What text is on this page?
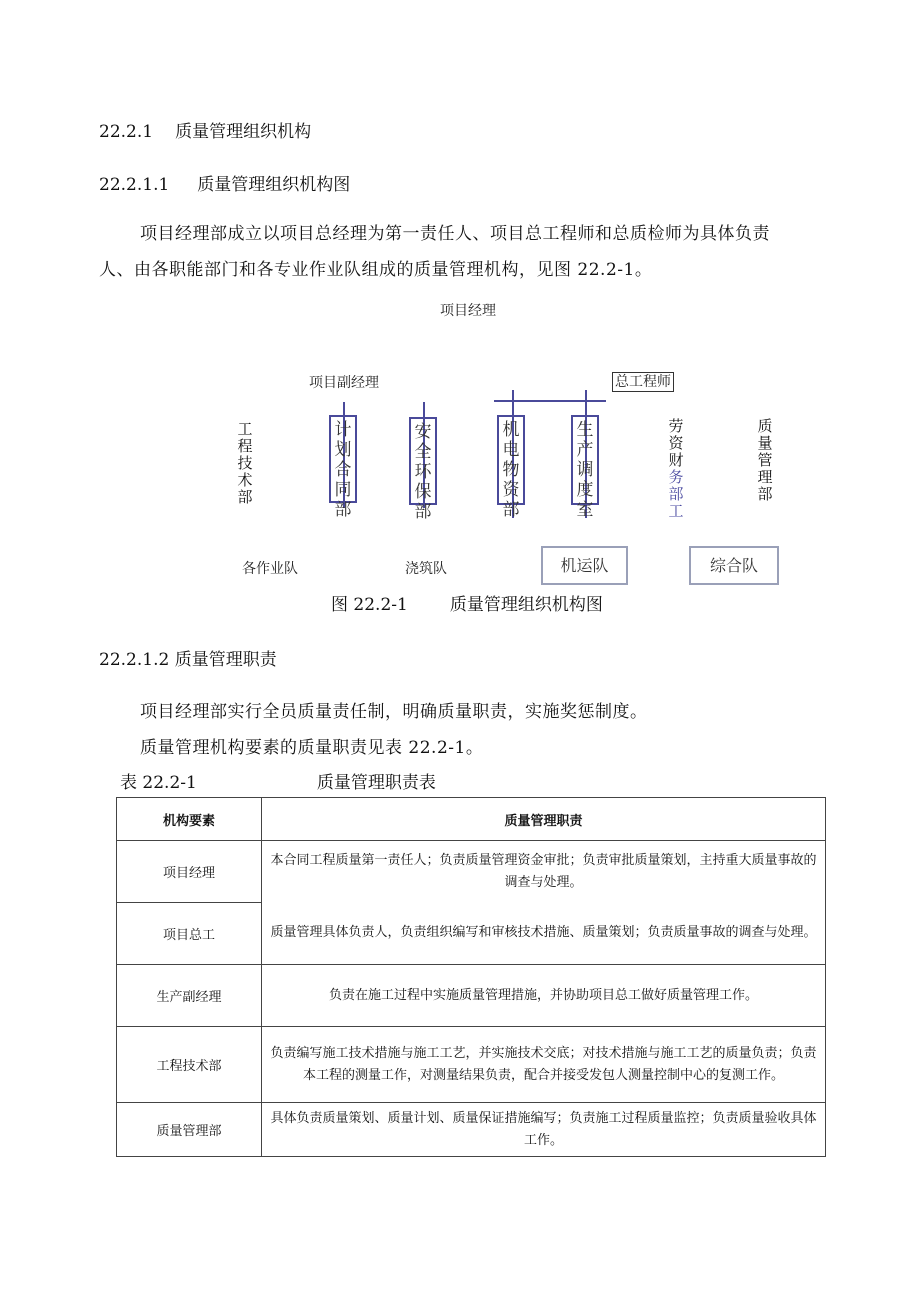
22.2.1 质量管理组织机构
22.2.1.1 质量管理组织机构图
项目经理部成立以项目总经理为第一责任人、项目总工程师和总质检师为具体负责
人、由各职能部门和各专业作业队组成的质量管理机构，见图 22.2-1。
项目经理
项目副经理	总工程师
工程技术部
计划合同部
安全环保部
机电物资部
生产调度室
劳资财
务部工
质量管理部
各作业队	浇筑队	机运队	综合队
图 22.2-1 质量管理组织机构图
22.2.1.2 质量管理职责
项目经理部实行全员质量责任制，明确质量职责，实施奖惩制度。
质量管理机构要素的质量职责见表 22.2-1。
表 22.2-1	质量管理职责表
机构要素	质量管理职责
项目经理	本合同工程质量第一责任人；负责质量管理资金审批；负责审批质量策划，主持重大质量事故的调查与处理。
项目总工	质量管理具体负责人，负责组织编写和审核技术措施、质量策划；负责质量事故的调查与处理。
生产副经理	负责在施工过程中实施质量管理措施，并协助项目总工做好质量管理工作。
工程技术部	负责编写施工技术措施与施工工艺，并实施技术交底；对技术措施与施工工艺的质量负责；负责本工程的测量工作，对测量结果负责，配合并接受发包人测量控制中心的复测工作。
质量管理部	具体负责质量策划、质量计划、质量保证措施编写；负责施工过程质量监控；负责质量验收具体工作。
